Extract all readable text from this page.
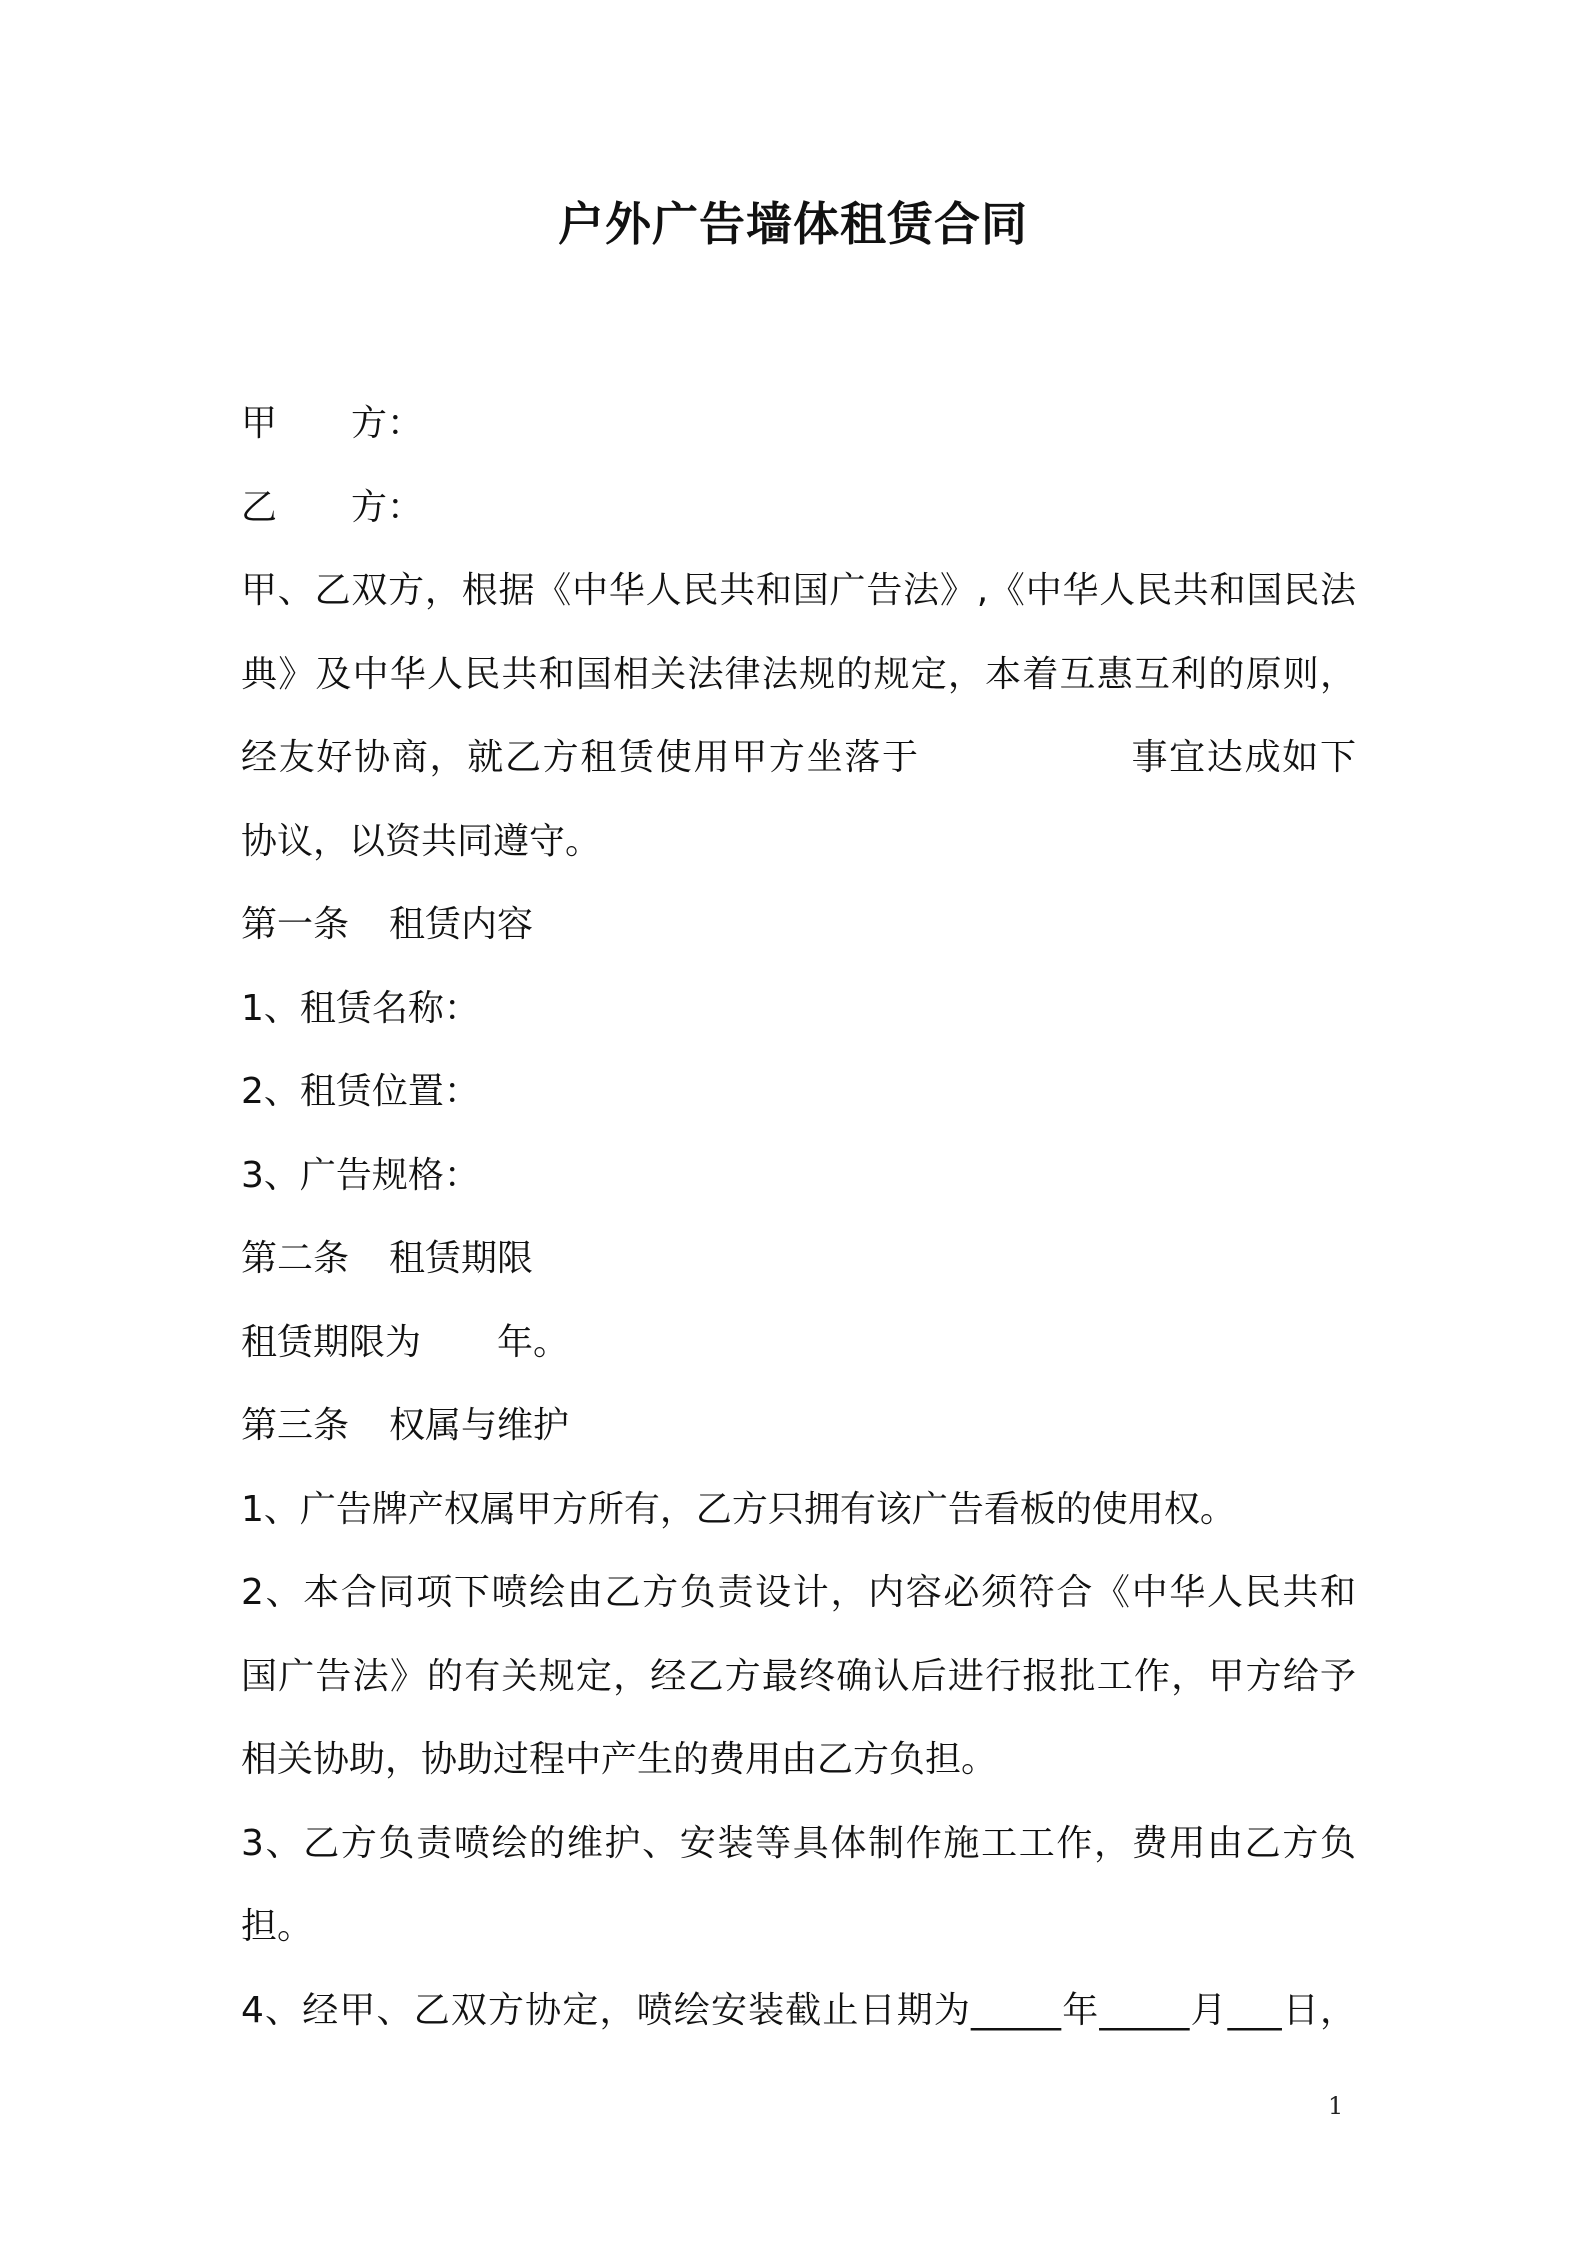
户外广告墙体租赁合同

甲 方：

乙 方：

甲、乙双方，根据《中华人民共和国广告法》,《中华人民共和国民法

典》及中华人民共和国相关法律法规的规定，本着互惠互利的原则，

经友好协商，就乙方租赁使用甲方坐落于	事宜达成如下

协议，以资共同遵守。

第一条 租赁内容

1、租赁名称：

2、租赁位置：

3、广告规格：

第二条 租赁期限

租赁期限为 年。

第三条 权属与维护

1、广告牌产权属甲方所有，乙方只拥有该广告看板的使用权。

2、本合同项下喷绘由乙方负责设计，内容必须符合《中华人民共和

国广告法》的有关规定，经乙方最终确认后进行报批工作，甲方给予

相关协助，协助过程中产生的费用由乙方负担。

3、乙方负责喷绘的维护、安装等具体制作施工工作，费用由乙方负

担。

4、经甲、乙双方协定，喷绘安装截止日期为_____年_____月___日，

1
